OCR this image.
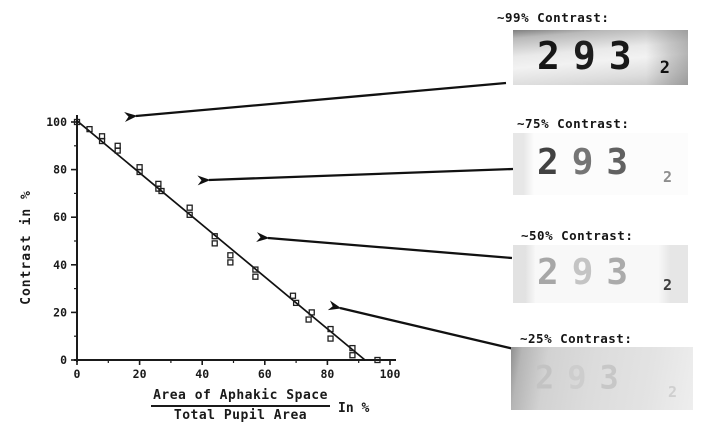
0	20	40	60	80	100
0
20
40
60
80
100
Contrast in %
Area of Aphakic Space
Total Pupil Area	In %
~99% Contrast:
2 9 3	2
~75% Contrast:
2 9 3	2
~50% Contrast:
2 9 3	2
~25% Contrast:
2 9 3	2
